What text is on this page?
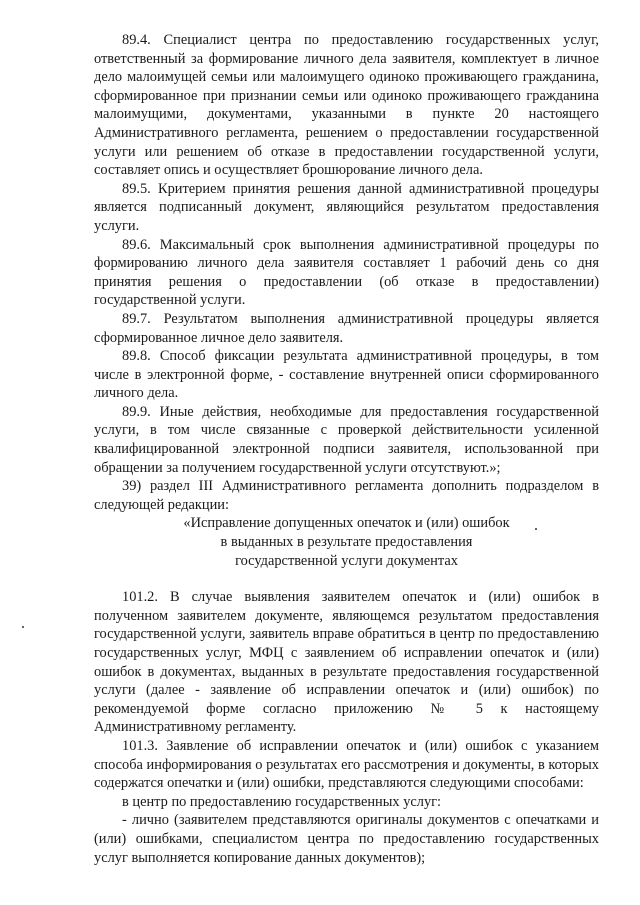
89.4. Специалист центра по предоставлению государственных услуг, ответственный за формирование личного дела заявителя, комплектует в личное дело малоимущей семьи или малоимущего одиноко проживающего гражданина, сформированное при признании семьи или одиноко проживающего гражданина малоимущими, документами, указанными в пункте 20 настоящего Административного регламента, решением о предоставлении государственной услуги или решением об отказе в предоставлении государственной услуги, составляет опись и осуществляет брошюрование личного дела.

89.5. Критерием принятия решения данной административной процедуры является подписанный документ, являющийся результатом предоставления услуги.

89.6. Максимальный срок выполнения административной процедуры по формированию личного дела заявителя составляет 1 рабочий день со дня принятия решения о предоставлении (об отказе в предоставлении) государственной услуги.

89.7. Результатом выполнения административной процедуры является сформированное личное дело заявителя.

89.8. Способ фиксации результата административной процедуры, в том числе в электронной форме, - составление внутренней описи сформированного личного дела.

89.9. Иные действия, необходимые для предоставления государственной услуги, в том числе связанные с проверкой действительности усиленной квалифицированной электронной подписи заявителя, использованной при обращении за получением государственной услуги отсутствуют.»;

39) раздел III Административного регламента дополнить подразделом в следующей редакции:

«Исправление допущенных опечаток и (или) ошибок
в выданных в результате предоставления
государственной услуги документах

101.2. В случае выявления заявителем опечаток и (или) ошибок в полученном заявителем документе, являющемся результатом предоставления государственной услуги, заявитель вправе обратиться в центр по предоставлению государственных услуг, МФЦ с заявлением об исправлении опечаток и (или) ошибок в документах, выданных в результате предоставления государственной услуги (далее - заявление об исправлении опечаток и (или) ошибок) по рекомендуемой форме согласно приложению № 5 к настоящему Административному регламенту.

101.3. Заявление об исправлении опечаток и (или) ошибок с указанием способа информирования о результатах его рассмотрения и документы, в которых содержатся опечатки и (или) ошибки, представляются следующими способами:

в центр по предоставлению государственных услуг:

- лично (заявителем представляются оригиналы документов с опечатками и (или) ошибками, специалистом центра по предоставлению государственных услуг выполняется копирование данных документов);
